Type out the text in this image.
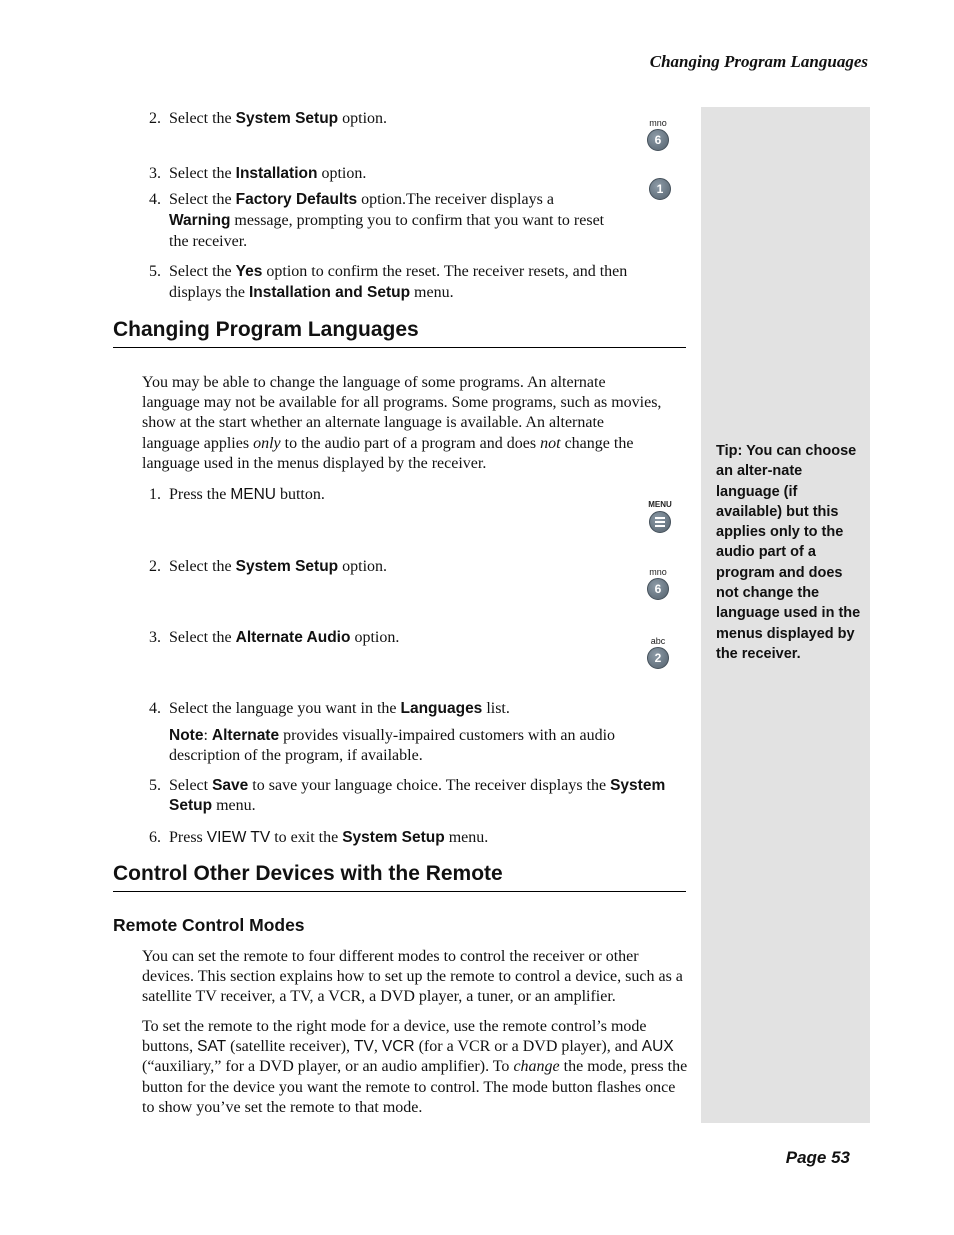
Changing Program Languages
Tip: You can choose an alter-nate language (if available) but this applies only to the audio part of a program and does not change the language used in the menus displayed by the receiver.
2. Select the System Setup option.
3. Select the Installation option.
4. Select the Factory Defaults option.The receiver displays a Warning message, prompting you to confirm that you want to reset the receiver.
5. Select the Yes option to confirm the reset. The receiver resets, and then displays the Installation and Setup menu.
mno
6
1
MENU
mno
6
abc
2
Changing Program Languages

You may be able to change the language of some programs. An alternate language may not be available for all programs. Some programs, such as movies, show at the start whether an alternate language is available. An alternate language applies only to the audio part of a program and does not change the language used in the menus displayed by the receiver.

1. Press the MENU button.
2. Select the System Setup option.
3. Select the Alternate Audio option.
4. Select the language you want in the Languages list.

Note: Alternate provides visually-impaired customers with an audio description of the program, if available.

5. Select Save to save your language choice. The receiver displays the System Setup menu.
6. Press VIEW TV to exit the System Setup menu.
Control Other Devices with the Remote
Remote Control Modes

You can set the remote to four different modes to control the receiver or other devices. This section explains how to set up the remote to control a device, such as a satellite TV receiver, a TV, a VCR, a DVD player, a tuner, or an amplifier.

To set the remote to the right mode for a device, use the remote control’s mode buttons, SAT (satellite receiver), TV, VCR (for a VCR or a DVD player), and AUX (“auxiliary,” for a DVD player, or an audio amplifier). To change the mode, press the button for the device you want the remote to control. The mode button flashes once to show you’ve set the remote to that mode.

Page 53
